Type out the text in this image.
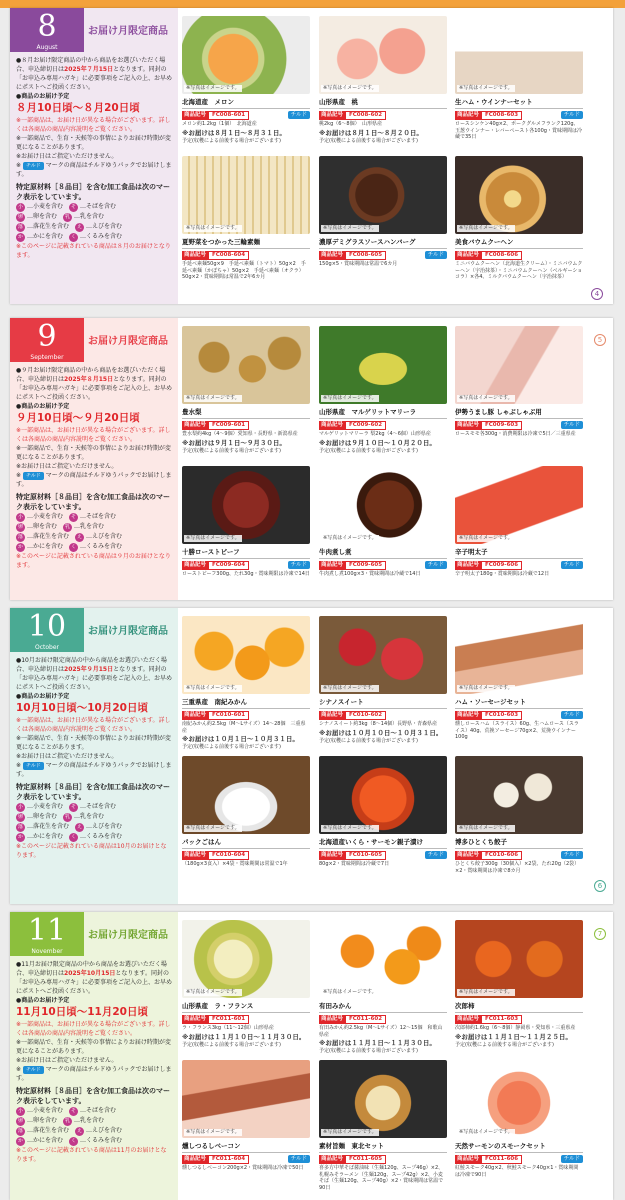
8
August
お届け月限定商品
●８月お届け限定商品の中から商品をお選びいただく場合、申込締切日は2025年７月15日となります。同封の「お申込み専用ハガキ」に必要事項をご記入の上、お早めにポストへご投函ください。
●商品のお届け予定
８月10日頃〜８月20日頃
※一部商品は、お届け日が異なる場合がございます。詳しくは各商品の商品内容説明をご覧ください。
※一部商品で、生育・天候等の事情によりお届け時期が変更になることがあります。
※お届け日はご指定いただけません。
※ チルド マークの商品はチルドゆうパックでお届けします。
特定原材料［８品目］を含む加工食品は次のマーク表示をしています。
小 …小麦を含む　そ …そばを含む
卵 …卵を含む　乳 …乳を含む
落 …落花生を含む　え …えびを含む
か …かにを含む　く …くるみを含む
※このページに記載されている商品は８月のお届けとなります。
※写真はイメージです。
北海道産　メロン
商品記号 FC008-601	チルド
メロン約1.2kg（1個）　北海道産
※お届けは８月１日〜８月３１日。
予定(収穫による前後する場合がございます)
※写真はイメージです。
山形県産　桃
商品記号 FC008-602
桃2kg（6〜8個）　山形県産
※お届けは８月１日〜８月２０日。
予定(収穫による前後する場合がございます)
※写真はイメージです。
生ハム・ウインナーセット
商品記号 FC008-603	チルド
ロースシンケン40g×2、ポークグルメフランク120g、玉葱ウインナー・レバーペースト各100g・賞味期間は冷蔵で35日
※写真はイメージです。
夏野菜をつかった三輪素麺
商品記号 FC008-604
手延べ素麺50g×9　手延べ素麺（トマト）50g×2　手延べ素麺（かぼちゃ）50g×2　手延べ素麺（オクラ）50g×2・賞味期間は常温で2年6カ月
※写真はイメージです。
濃厚デミグラスソースハンバーグ
商品記号 FC008-605	チルド
150g×5・賞味期間は常温で6カ月
※写真はイメージです。
美食バウムクーヘン
商品記号 FC008-606
ミニバウムクーヘン（北海道生クリーム）・ミニバウムクーヘン（宇治抹茶）・ミニバウムクーヘン（ベルギーショコラ）×各4、ミルクバウムクーヘン（宇治抹茶）
4
9
September
お届け月限定商品
●９月お届け限定商品の中から商品をお選びいただく場合、申込締切日は2025年８月15日となります。同封の「お申込み専用ハガキ」に必要事項をご記入の上、お早めにポストへご投函ください。
●商品のお届け予定
９月10日頃〜９月20日頃
※一部商品は、お届け日が異なる場合がございます。詳しくは各商品の商品内容説明をご覧ください。
※一部商品で、生育・天候等の事情によりお届け時期が変更になることがあります。
※お届け日はご指定いただけません。
※ チルド マークの商品はチルドゆうパックでお届けします。
特定原材料［８品目］を含む加工食品は次のマーク表示をしています。
小 …小麦を含む　そ …そばを含む
卵 …卵を含む　乳 …乳を含む
落 …落花生を含む　え …えびを含む
か …かにを含む　く …くるみを含む
※このページに記載されている商品は９月のお届けとなります。
※写真はイメージです。
豊水梨
商品記号 FC009-601
豊水梨約4kg（4〜9個）愛知県・長野県・新潟県産
※お届けは９月１日〜９月３０日。
予定(収穫による前後する場合がございます)
※写真はイメージです。
山形県産　マルゲリットマリーラ
商品記号 FC009-602
マルゲリットマリーラ 梨2kg（4〜6個）山形県産
※お届けは９月１０日〜１０月２０日。
予定(収穫による前後する場合がございます)
※写真はイメージです。
伊勢うまし豚 しゃぶしゃぶ用
商品記号 FC009-603	チルド
ロースモモ各300g・消費期限は冷凍で5日／三重県産
※写真はイメージです。
十勝ローストビーフ
商品記号 FC009-604	チルド
ローストビーフ300g、たれ30g・賞味期限は冷凍で14日
※写真はイメージです。
牛肉煮し煮
商品記号 FC009-605	チルド
牛肉煮し煮100g×3・賞味期間は冷蔵で14日
※写真はイメージです。
辛子明太子
商品記号 FC009-606	チルド
辛子明太子180g・賞味期間は冷蔵で12日
5
10
October
お届け月限定商品
●10月お届け限定商品の中から商品をお選びいただく場合、申込締切日は2025年９月15日となります。同封の「お申込み専用ハガキ」に必要事項をご記入の上、お早めにポストへご投函ください。
●商品のお届け予定
10月10日頃〜10月20日頃
※一部商品は、お届け日が異なる場合がございます。詳しくは各商品の商品内容説明をご覧ください。
※一部商品で、生育・天候等の事情によりお届け時期が変更になることがあります。
※お届け日はご指定いただけません。
※ チルド マークの商品はチルドゆうパックでお届けします。
特定原材料［８品目］を含む加工食品は次のマーク表示をしています。
小 …小麦を含む　そ …そばを含む
卵 …卵を含む　乳 …乳を含む
落 …落花生を含む　え …えびを含む
か …かにを含む　く …くるみを含む
※このページに記載されている商品は10月のお届けとなります。
※写真はイメージです。
三重県産　南紀みかん
商品記号 FC010-601
南紀みかん約2.5kg（M〜Lサイズ）14〜28個　三重県産
※お届けは１０月１日〜１０月３１日。
予定(収穫による前後する場合がございます)
※写真はイメージです。
シナノスイート
商品記号 FC010-602
シナノスイート約3kg（8〜14個）長野県・青森県産
※お届けは１０月１０日〜１０月３１日。
予定(収穫による前後する場合がございます)
※写真はイメージです。
ハム・ソーセージセット
商品記号 FC010-603	チルド
燻しロースハム（スライス）60g、生ハムロース（スライス）40g、荒挽ソーセージ70g×2、荒挽ウインナー100g
※写真はイメージです。
パックごはん
商品記号 FC010-604
（180g×3食入）×4袋・賞味期間は常温で1年
※写真はイメージです。
北海道産いくら・サーモン親子漬け
商品記号 FC010-605	チルド
80g×2・賞味期間は冷蔵で7日
※写真はイメージです。
博多ひとくち餃子
商品記号 FC010-606	チルド
ひとくち餃子300g（30個入）×2袋、たれ20g（2袋）×2・賞味期間は冷凍で8カ月
6
11
November
お届け月限定商品
●11月お届け限定商品の中から商品をお選びいただく場合、申込締切日は2025年10月15日となります。同封の「お申込み専用ハガキ」に必要事項をご記入の上、お早めにポストへご投函ください。
●商品のお届け予定
11月10日頃〜11月20日頃
※一部商品は、お届け日が異なる場合がございます。詳しくは各商品の商品内容説明をご覧ください。
※一部商品で、生育・天候等の事情によりお届け時期が変更になることがあります。
※お届け日はご指定いただけません。
※ チルド マークの商品はチルドゆうパックでお届けします。
特定原材料［８品目］を含む加工食品は次のマーク表示をしています。
小 …小麦を含む　そ …そばを含む
卵 …卵を含む　乳 …乳を含む
落 …落花生を含む　え …えびを含む
か …かにを含む　く …くるみを含む
※このページに記載されている商品は11月のお届けとなります。
※写真はイメージです。
山形県産　ラ・フランス
商品記号 FC011-601
ラ・フランス3kg（11〜12個）山形県産
※お届けは１１月１０日〜１１月３０日。
予定(収穫による前後する場合がございます)
※写真はイメージです。
有田みかん
商品記号 FC011-602
有田みかん約2.5kg（M〜Lサイズ）12〜15個　和歌山県産
※お届けは１１月１日〜１１月３０日。
予定(収穫による前後する場合がございます)
※写真はイメージです。
次郎柿
商品記号 FC011-603
次郎柿約1.6kg（6〜8個）静岡県・愛知県・三重県産
※お届けは１１月１日〜１１月２５日。
予定(収穫による前後する場合がございます)
※写真はイメージです。
燻しつるしベーコン
商品記号 FC011-604	チルド
燻しつるしベーコン200g×2・賞味期間は冷凍で50日
※写真はイメージです。
素材旨麺　東北セット
商品記号 FC011-605
喜多方中華そば醤油味（生麺120g、スープ46g）×2、札幌みそラーメン（生麺120g、スープ42g）×2、小麦そば（生麺120g、スープ40g）×2・賞味期間は常温で90日
※写真はイメージです。
天然サーモンのスモークセット
商品記号 FC011-606	チルド
紅鮭スモーク40g×2、秋鮭スモーク40g×1・賞味期間は冷凍で90日
7
